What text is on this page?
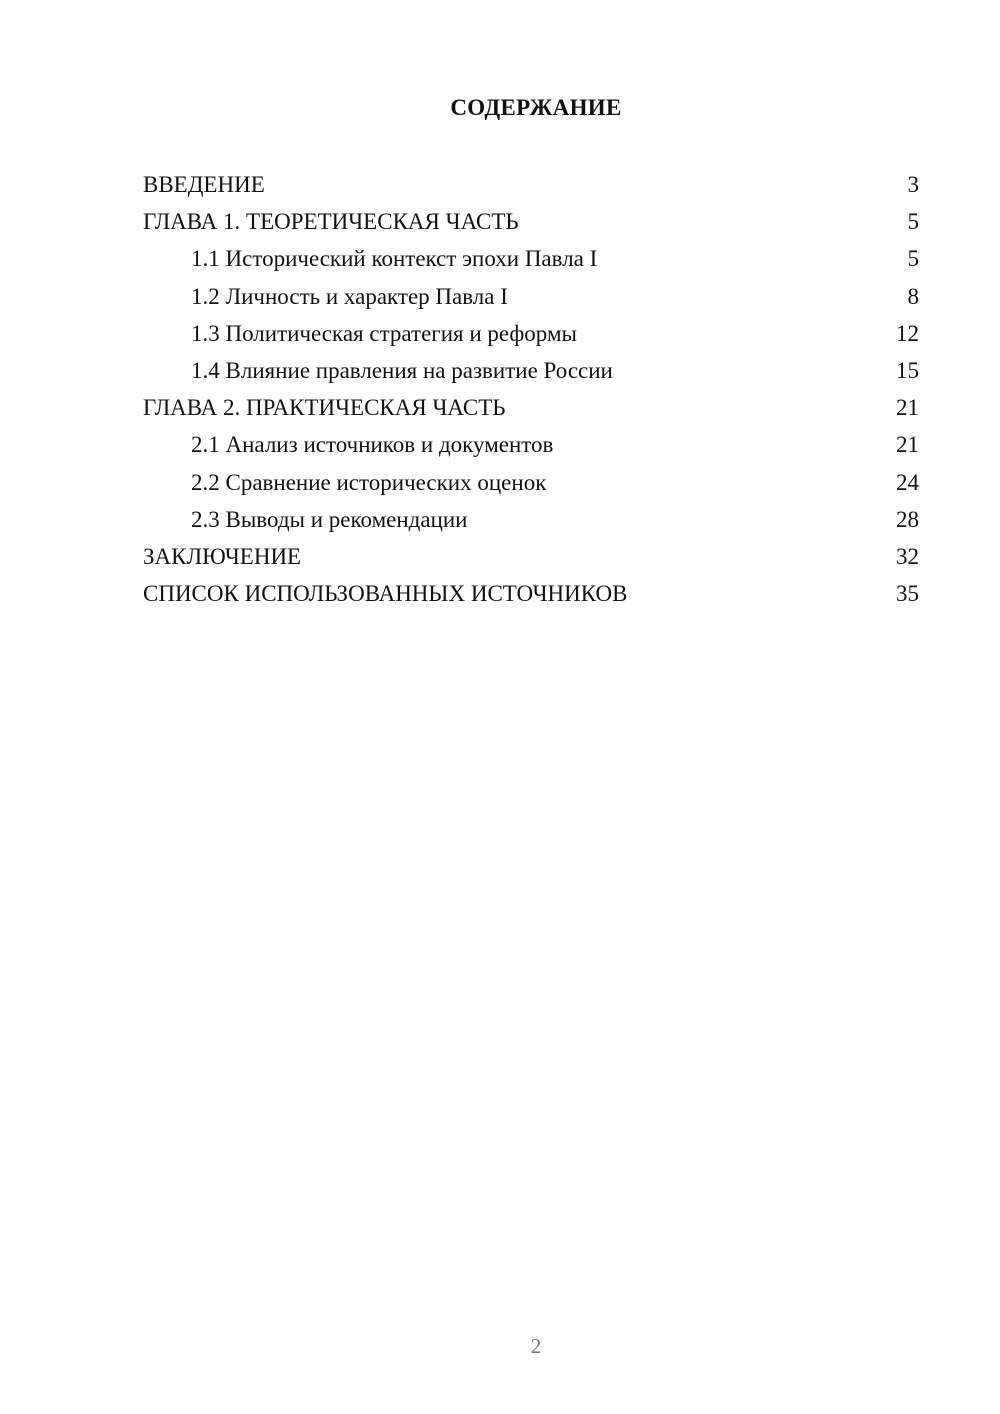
СОДЕРЖАНИЕ
ВВЕДЕНИЕ	3
ГЛАВА 1. ТЕОРЕТИЧЕСКАЯ ЧАСТЬ	5
1.1 Исторический контекст эпохи Павла I	5
1.2 Личность и характер Павла I	8
1.3 Политическая стратегия и реформы	12
1.4 Влияние правления на развитие России	15
ГЛАВА 2. ПРАКТИЧЕСКАЯ ЧАСТЬ	21
2.1 Анализ источников и документов	21
2.2 Сравнение исторических оценок	24
2.3 Выводы и рекомендации	28
ЗАКЛЮЧЕНИЕ	32
СПИСОК ИСПОЛЬЗОВАННЫХ ИСТОЧНИКОВ	35
2
